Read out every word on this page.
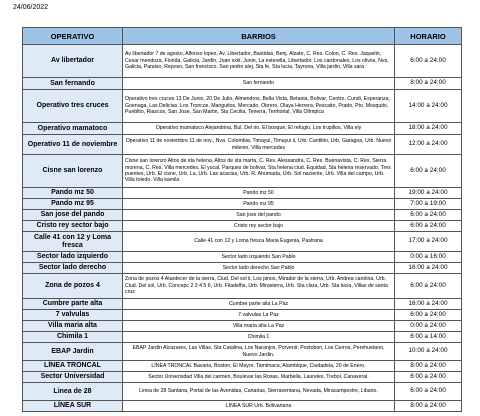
24/06/2022
OPERATIVO	BARRIOS	HORARIO
Av libertador	Av libertador 7 de agosto, Alfonso lopez, Av. Libertador, Bastidas, Benj. Alzate, C. Res. Colon, C. Res. Jaquelin, Cesar mendoza, Florida, Galicia, Jardin, Juan xxiii, Junin, La esterella, Libertador, Los cardonales, Los olivos, Nva. Galicia, Paraiso, Reposo, San francisco, San pedro alej, Sta fe, Sta lucia, Tayrona, Villa jardin, Villa sara	6:00 a 24:00
San fernando	San fernando	8:00 a 24:00
Operativo tres cruces	Operativo tres cruces 13 De Junio, 20 De Julio, Almendros, Bella Vista, Betania, Bolivar, Centro, Cundi, Esperanza, Goenaga, Las Delicias, Los Troncos, Manguitos, Mercado, Obrero, Olaya Herrera, Pescaito, Prado, Pto. Mosquito, Pueblito, Riascos, San Jose, San Martin, Sta Cecilia, Tenería, Territorial, Villa Olímpica	14:00 a 24:00
Operativo mamatoco	Operativo mamatoco Alejandrina, Bul. Del rio, El bosque, El refugio, Los trupillos, Villa ely	18:00 a 24:00
Operativo 11 de noviembre	Operativo 11 de noviembre 11 de nov., Nva. Colombia, Timayui, Timayui ii, Urb. Cantilito, Urb. Garagoa, Urb. Nuevo milenio, Villa mercedes	12:00 a 24:00
Cisne san lorenzo	Cisne san lorenzo Altos de sta helena, Altos de sta marta, C. Res. Alessandra, C. Res. Buenavista, C. Res. Sierra morena, C. Res. Villa mercedes, El yucal, Parques de bolivar, Sta helena ciud. Equidad, Sta helena reservado, Tres puentes, Urb. El cisne, Urb. La, Urb. Las acacias, Urb. R. Ahumada, Urb. Sol naciente, Urb. Villa del campo, Urb. Villa toledo, Villa kamila	6:00 a 24:00
Pando mz 50	Pando mz 50	19:00 a 24:00
Pando mz 95	Pando mz 95	7:00 a 19:00
San jose del pando	San jose del pando	6:00 a 24:00
Cristo rey sector bajo	Cristo rey sector bajo	6:00 a 24:00
Calle 41 con 12 y Loma fresca	Calle 41 con 12 y Loma fresca Maria Eugenia, Pastrana	17:00 a 24:00
Sector lado izquierdo	Sector lado izquierdo San Pablo	0:00 a 16:00
Sector lado derecho	Sector lado derecho San Pablo	16:00 a 24:00
Zona de pozos 4	Zona de pozos 4 Atardecer de la sierra, Ciud. Del sol ii, Los pinos, Mirador de la sierra, Urb. Andrea carolina, Urb. Ciud. Del sol, Urb. Concepc 2 3 4 5 6, Urb. Filadelfia, Urb. Mirasierra, Urb. Sta clara, Urb. Sta lucia, Villas de santa cruz	6:00 a 24:00
Cumbre parte alta	Cumbre parte alta La Paz	16:00 a 24:00
7 valvulas	7 valvulas La Paz	6:00 a 24:00
Villa maria alta	Villa maria alta La Paz	0:00 a 24:00
Chimila 1	Chimila 1	6:00 a 14:00
EBAP Jardin	EBAP Jardin Alcazares, Las Villas, Sta Catalina, Los Naranjos, Porvenir, Postobon, Los Cerros, Perehuetano, Nuevo Jardin.	10:00 a 24:00
LÍNEA TRONCAL	LÍNEA TRONCAL Bavaria, Boston, El Mayor, Tamimaca, Alambique, Ciudadela, 20 de Enero.	8:00 a 24:00
Sector Universidad	Sector Universidad Villa del carmen, Boulevar las Rosas, Marbella, Laureles, Trebol, Canaveral.	6:00 a 24:00
Linea de 28	Linea de 28 Santana, Portal de las Avenidas, Canarias, Sierraventana, Nevada, Miracampestre, Libano.	6:00 a 24:00
LÍNEA SUR	LÍNEA SUR Urb. Bolivariana	8:00 a 24:00
